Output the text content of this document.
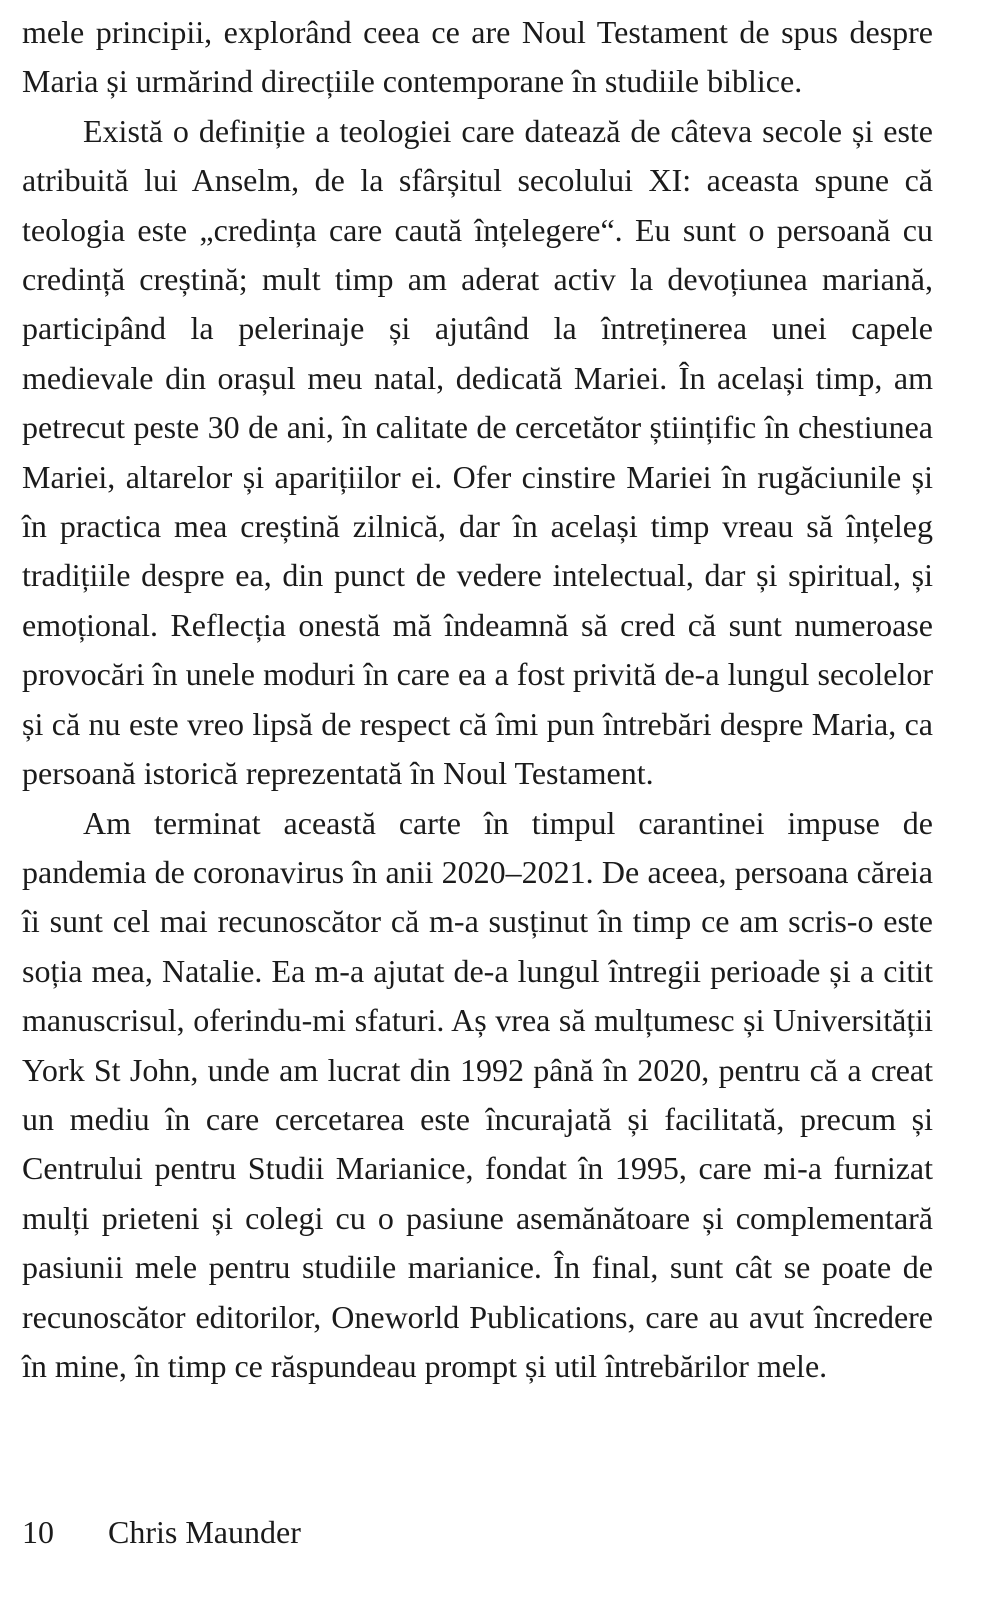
mele principii, explorând ceea ce are Noul Testament de spus despre Maria și urmărind direcțiile contemporane în studiile biblice.

Există o definiție a teologiei care datează de câteva secole și este atribuită lui Anselm, de la sfârșitul secolului XI: aceasta spune că teologia este „credința care caută înțelegere“. Eu sunt o persoană cu credință creștină; mult timp am aderat activ la devoțiunea mariană, participând la pelerinaje și ajutând la întreținerea unei capele medievale din orașul meu natal, dedicată Mariei. În același timp, am petrecut peste 30 de ani, în calitate de cercetător științific în chestiunea Mariei, altarelor și aparițiilor ei. Ofer cinstire Mariei în rugăciunile și în practica mea creștină zilnică, dar în același timp vreau să înțeleg tradițiile despre ea, din punct de vedere intelectual, dar și spiritual, și emoțional. Reflecția onestă mă îndeamnă să cred că sunt numeroase provocări în unele moduri în care ea a fost privită de-a lungul secolelor și că nu este vreo lipsă de respect că îmi pun întrebări despre Maria, ca persoană istorică reprezentată în Noul Testament.

Am terminat această carte în timpul carantinei impuse de pandemia de coronavirus în anii 2020–2021. De aceea, persoana căreia îi sunt cel mai recunoscător că m-a susținut în timp ce am scris-o este soția mea, Natalie. Ea m-a ajutat de-a lungul întregii perioade și a citit manuscrisul, oferindu-mi sfaturi. Aș vrea să mulțumesc și Universității York St John, unde am lucrat din 1992 până în 2020, pentru că a creat un mediu în care cercetarea este încurajată și facilitată, precum și Centrului pentru Studii Marianice, fondat în 1995, care mi-a furnizat mulți prieteni și colegi cu o pasiune asemănătoare și complementară pasiunii mele pentru studiile marianice. În final, sunt cât se poate de recunoscător editorilor, Oneworld Publications, care au avut încredere în mine, în timp ce răspundeau prompt și util întrebărilor mele.

10 Chris Maunder
